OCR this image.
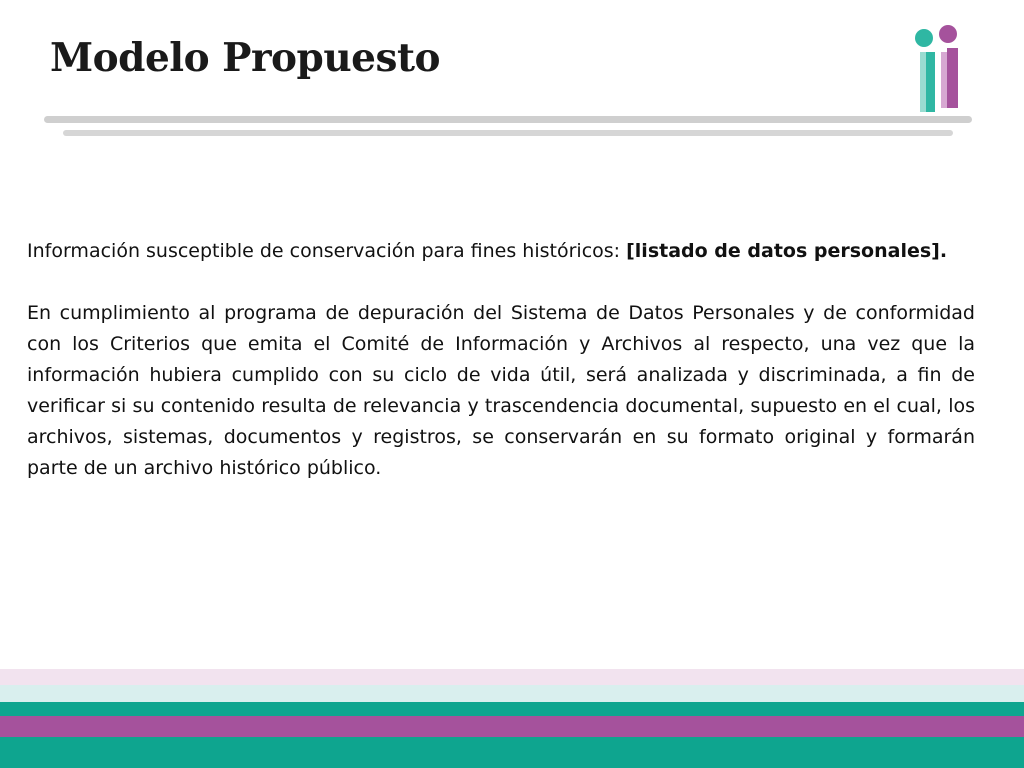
Modelo Propuesto

Información susceptible de conservación para fines históricos: [listado de datos personales].

En cumplimiento al programa de depuración del Sistema de Datos Personales y de conformidad con los Criterios que emita el Comité de Información y Archivos al respecto, una vez que la información hubiera cumplido con su ciclo de vida útil, será analizada y discriminada, a fin de verificar si su contenido resulta de relevancia y trascendencia documental, supuesto en el cual, los archivos, sistemas, documentos y registros, se conservarán en su formato original y formarán parte de un archivo histórico público.
